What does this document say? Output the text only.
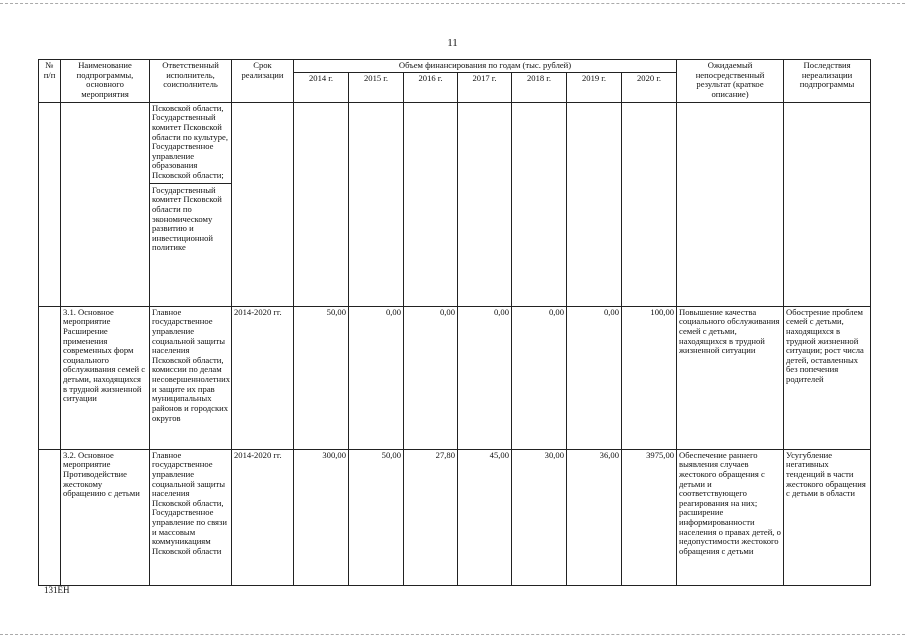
11
№ п/п	Наименование подпрограммы, основного мероприятия	Ответственный исполнитель, соисполнитель	Срок реализации	Объем финансирования по годам (тыс. рублей)							Ожидаемый непосредственный результат (краткое описание)	Последствия нереализации подпрограммы
				2014 г.	2015 г.	2016 г.	2017 г.	2018 г.	2019 г.	2020 г.		

		Псковской области, Государственный комитет Псковской области по культуре, Государственное управление образования Псковской области;
Государственный комитет Псковской области по экономическому развитию и инвестиционной политике										

	3.1. Основное мероприятие Расширение применения современных форм социального обслуживания семей с детьми, находящихся в трудной жизненной ситуации	Главное государственное управление социальной защиты населения Псковской области, комиссии по делам несовершеннолетних и защите их прав муниципальных районов и городских округов	2014-2020 гг.	50,00	0,00	0,00	0,00	0,00	0,00	100,00	Повышение качества социального обслуживания семей с детьми, находящихся в трудной жизненной ситуации	Обострение проблем семей с детьми, находящихся в трудной жизненной ситуации; рост числа детей, оставленных без попечения родителей
	3.2. Основное мероприятие Противодействие жестокому обращению с детьми	Главное государственное управление социальной защиты населения Псковской области, Государственное управление по связи и массовым коммуникациям Псковской области	2014-2020 гг.	300,00	50,00	27,80	45,00	30,00	36,00	3975,00	Обеспечение раннего выявления случаев жестокого обращения с детьми и соответствующего реагирования на них; расширение информированности населения о правах детей, о недопустимости жестокого обращения с детьми	Усугубление негативных тенденций в части жестокого обращения с детьми в области
131ЕН
